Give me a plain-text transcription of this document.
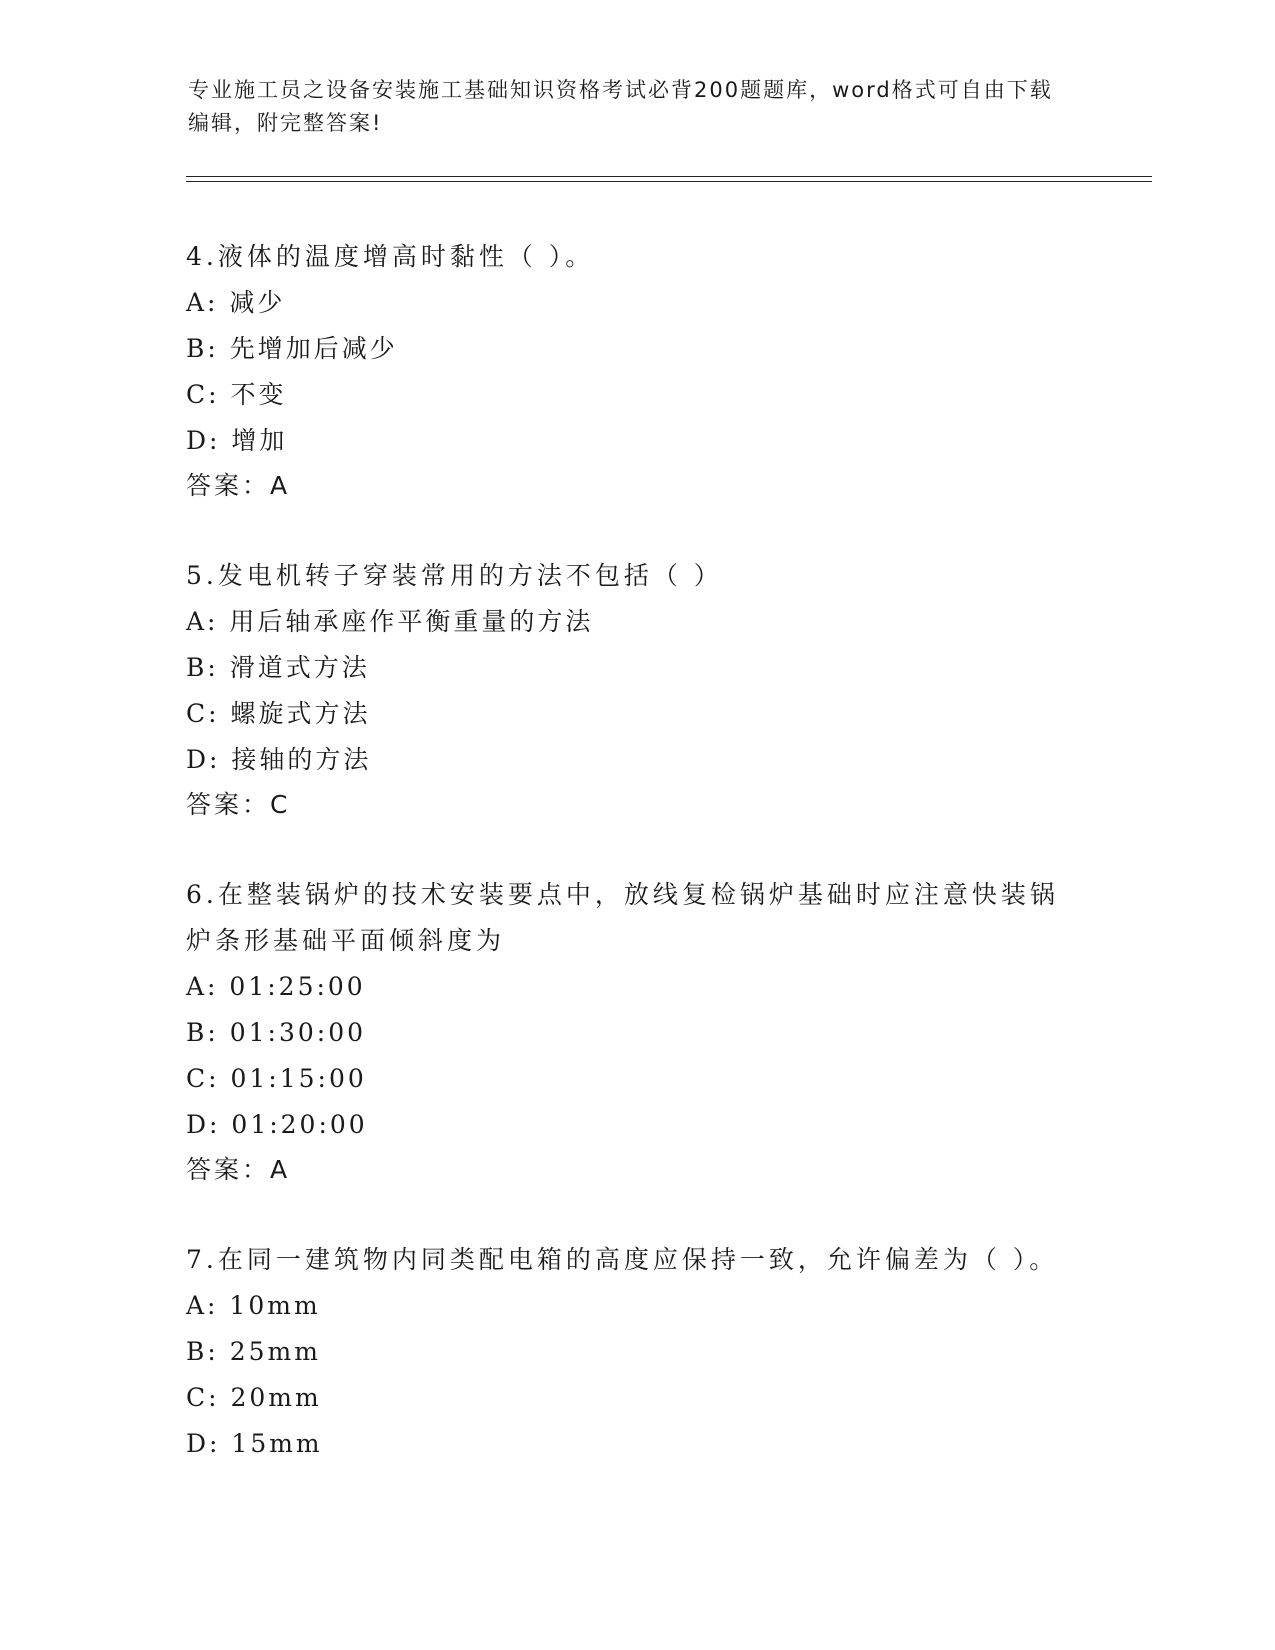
专业施工员之设备安装施工基础知识资格考试必背200题题库，word格式可自由下载编辑，附完整答案!
4.液体的温度增高时黏性（ ）。
A: 减少
B: 先增加后减少
C: 不变
D: 增加
答案：A
5.发电机转子穿装常用的方法不包括（ ）
A: 用后轴承座作平衡重量的方法
B: 滑道式方法
C: 螺旋式方法
D: 接轴的方法
答案：C
6.在整装锅炉的技术安装要点中，放线复检锅炉基础时应注意快装锅炉条形基础平面倾斜度为
A: 01:25:00
B: 01:30:00
C: 01:15:00
D: 01:20:00
答案：A
7.在同一建筑物内同类配电箱的高度应保持一致，允许偏差为（ ）。
A: 10mm
B: 25mm
C: 20mm
D: 15mm
